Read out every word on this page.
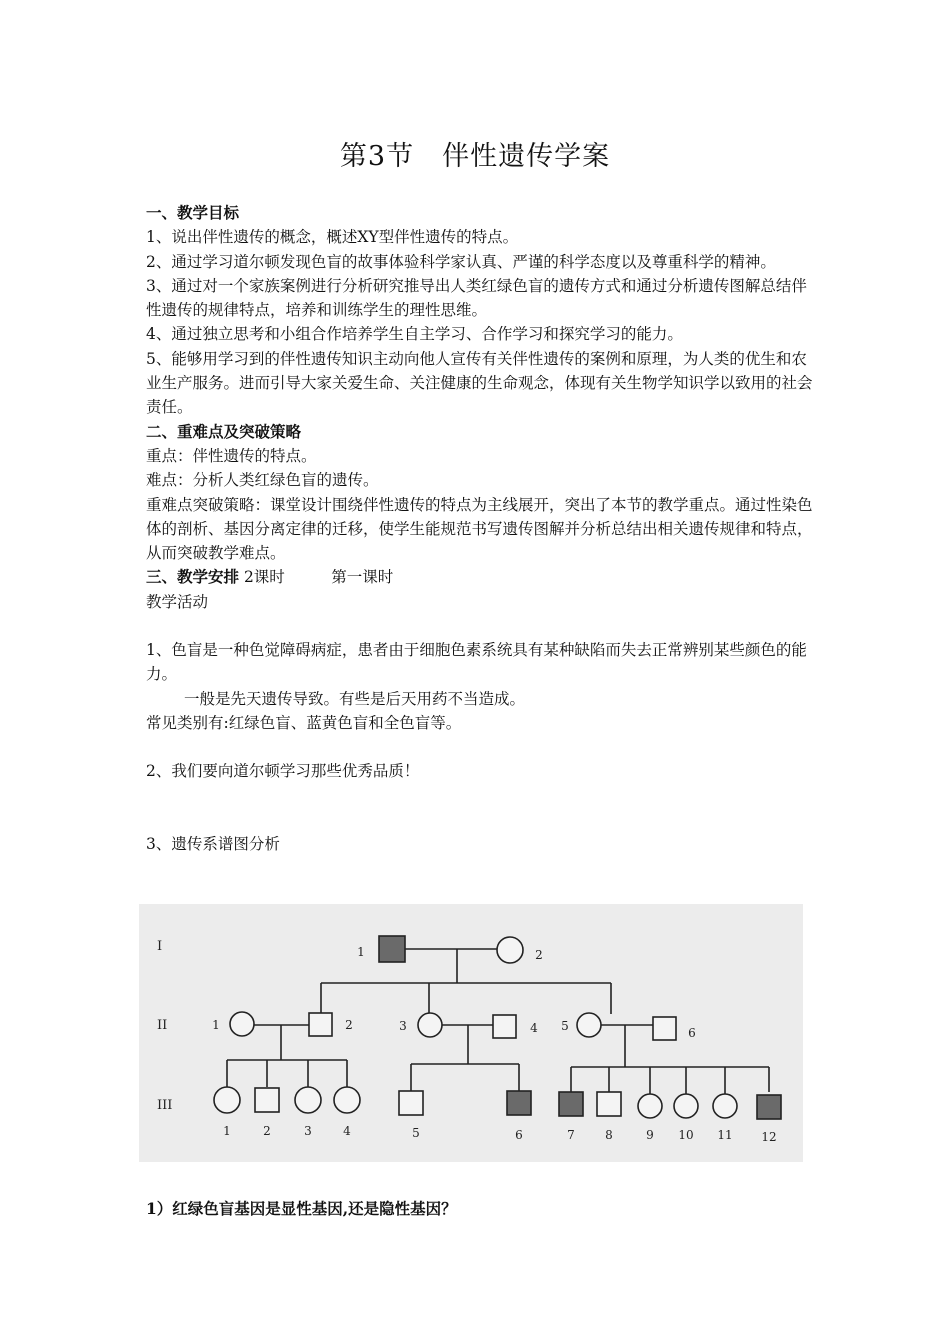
第3节　伴性遗传学案

一、教学目标

1、说出伴性遗传的概念，概述XY型伴性遗传的特点。

2、通过学习道尔顿发现色盲的故事体验科学家认真、严谨的科学态度以及尊重科学的精神。

3、通过对一个家族案例进行分析研究推导出人类红绿色盲的遗传方式和通过分析遗传图解总结伴性遗传的规律特点，培养和训练学生的理性思维。

4、通过独立思考和小组合作培养学生自主学习、合作学习和探究学习的能力。

5、能够用学习到的伴性遗传知识主动向他人宣传有关伴性遗传的案例和原理，为人类的优生和农业生产服务。进而引导大家关爱生命、关注健康的生命观念，体现有关生物学知识学以致用的社会责任。

二、重难点及突破策略

重点：伴性遗传的特点。

难点：分析人类红绿色盲的遗传。

重难点突破策略：课堂设计围绕伴性遗传的特点为主线展开，突出了本节的教学重点。通过性染色体的剖析、基因分离定律的迁移，使学生能规范书写遗传图解并分析总结出相关遗传规律和特点，从而突破教学难点。

三、教学安排 2课时　　　第一课时

教学活动

1、色盲是一种色觉障碍病症，患者由于细胞色素系统具有某种缺陷而失去正常辨别某些颜色的能力。

一般是先天遗传导致。有些是后天用药不当造成。

常见类别有:红绿色盲、蓝黄色盲和全色盲等。

2、我们要向道尔顿学习那些优秀品质！

3、遗传系谱图分析

I
II
III
1	2
1	2	3	4 5	6
1	2	3	4	5	6	7	8	9 10 11 12
1）红绿色盲基因是显性基因,还是隐性基因？
